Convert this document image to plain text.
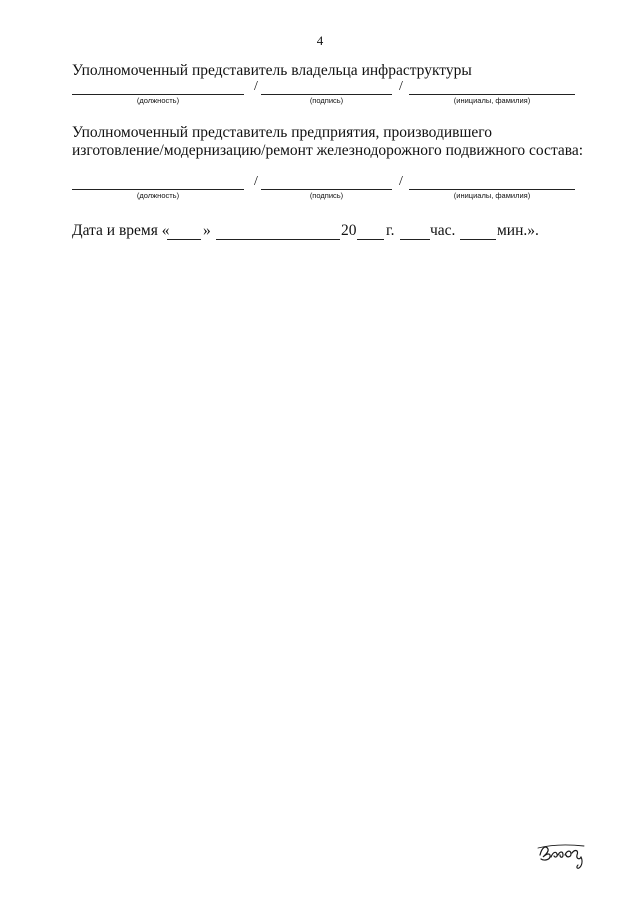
4
Уполномоченный представитель владельца инфраструктуры
/	/
(должность)	(подпись)	(инициалы, фамилия)
Уполномоченный представитель предприятия, производившего
изготовление/модернизацию/ремонт железнодорожного подвижного состава:
/	/
(должность)	(подпись)	(инициалы, фамилия)
Дата и время « »	20 г. час.	мин.».
